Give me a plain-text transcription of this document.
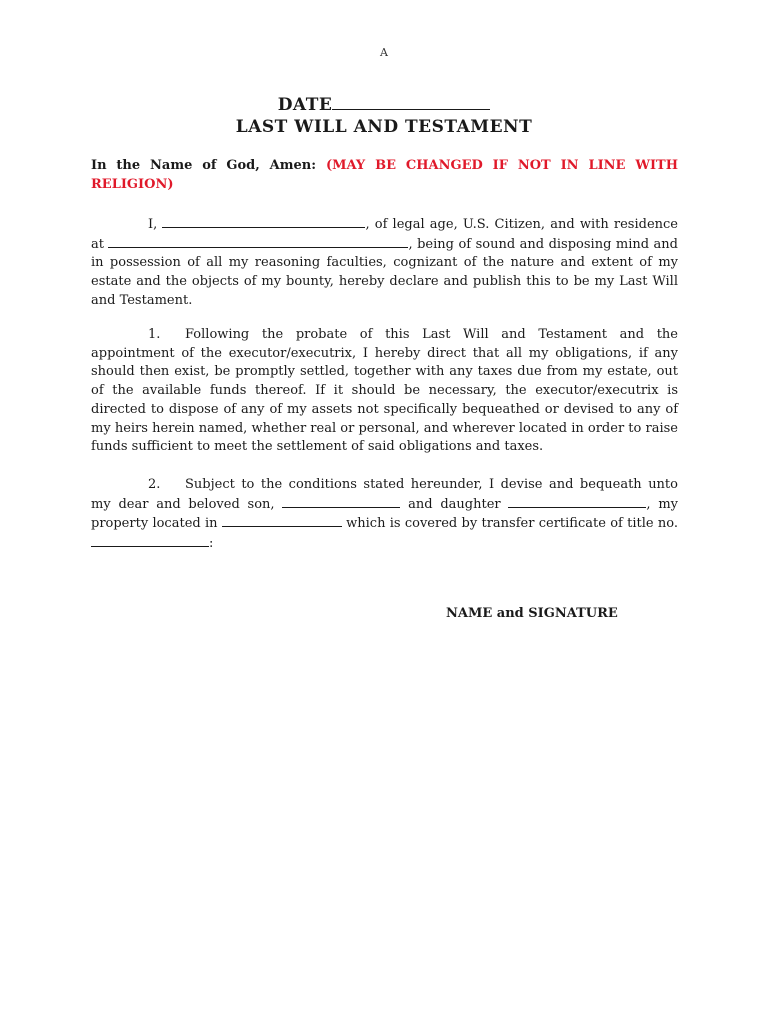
A
DATE
LAST WILL AND TESTAMENT
In the Name of God, Amen: (MAY BE CHANGED IF NOT IN LINE WITH RELIGION)
I,	, of legal age, U.S. Citizen, and with residence at	, being of sound and disposing mind and in possession of all my reasoning faculties, cognizant of the nature and extent of my estate and the objects of my bounty, hereby declare and publish this to be my Last Will and Testament.
1. Following the probate of this Last Will and Testament and the appointment of the executor/executrix, I hereby direct that all my obligations, if any should then exist, be promptly settled, together with any taxes due from my estate, out of the available funds thereof. If it should be necessary, the executor/executrix is directed to dispose of any of my assets not specifically bequeathed or devised to any of my heirs herein named, whether real or personal, and wherever located in order to raise funds sufficient to meet the settlement of said obligations and taxes.
2. Subject to the conditions stated hereunder, I devise and bequeath unto my dear and beloved son,	and daughter	, my property located in	which is covered by transfer certificate of title no. :
NAME and SIGNATURE
